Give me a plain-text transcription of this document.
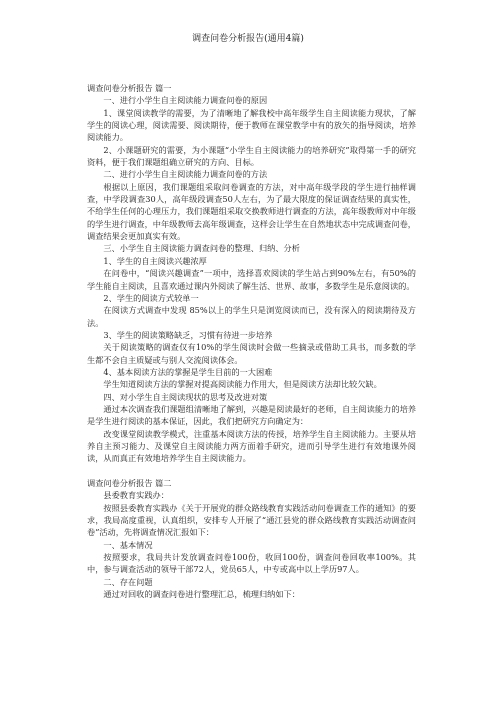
调查问卷分析报告(通用4篇)

调查问卷分析报告 篇一

一、进行小学生自主阅读能力调查问卷的原因

1、课堂阅读教学的需要，为了清晰地了解我校中高年级学生自主阅读能力现状，了解学生的阅读心理，阅读需要、阅读期待，便于教师在课堂教学中有的放矢的指导阅读，培养阅读能力。

2、小课题研究的需要，为小课题“小学生自主阅读能力的培养研究”取得第一手的研究资料，便于我们课题组确立研究的方向、目标。

二、进行小学生自主阅读能力调查问卷的方法

根据以上原因，我们课题组采取问卷调查的方法，对中高年级学段的学生进行抽样调查，中学段调查30人，高年级段调查50人左右，为了最大限度的保证调查结果的真实性，不给学生任何的心理压力，我们课题组采取交换教师进行调查的方法，高年级教师对中年级的学生进行调查，中年级教师去高年级调查，这样会让学生在自然地状态中完成调查问卷，调查结果会更加真实有效。

三、小学生自主阅读能力调查问卷的整理、归纳、分析

1、学生的自主阅读兴趣浓厚

在问卷中，“阅读兴趣调查”一项中，选择喜欢阅读的学生站占到90%左右，有50%的学生能自主阅读，且喜欢通过课内外阅读了解生活、世界、故事，多数学生是乐意阅读的。

2、学生的阅读方式较单一

在阅读方式调查中发现 85%以上的学生只是浏览阅读而已，没有深入的阅读期待及方法。

3、学生的阅读策略缺乏，习惯有待进一步培养

关于阅读策略的调查仅有10%的学生阅读时会做一些摘录或借助工具书，而多数的学生都不会自主质疑或与别人交流阅读体会。

4、基本阅读方法的掌握是学生目前的一大困难

学生知道阅读方法的掌握对提高阅读能力作用大，但是阅读方法却比较欠缺。

四、对小学生自主阅读现状的思考及改进对策

通过本次调查我们课题组清晰地了解到，兴趣是阅读最好的老师，自主阅读能力的培养是学生进行阅读的基本保证，因此，我们把研究方向确定为：

改变课堂阅读教学模式，注重基本阅读方法的传授，培养学生自主阅读能力。主要从培养自主预习能力、及课堂自主阅读能力两方面着手研究，进而引导学生进行有效地课外阅读，从而真正有效地培养学生自主阅读能力。

调查问卷分析报告 篇二

县委教育实践办：

按照县委教育实践办《关于开展党的群众路线教育实践活动问卷调查工作的通知》的要求，我局高度重视，认真组织，安排专人开展了“通江县党的群众路线教育实践活动调查问卷”活动，先将调查情况汇报如下：

一、基本情况

按照要求，我局共计发放调查问卷100份，收回100份，调查问卷回收率100%。其中，参与调查活动的领导干部72人，党员65人，中专或高中以上学历97人。

二、存在问题

通过对回收的调查问卷进行整理汇总，梳理归纳如下：
